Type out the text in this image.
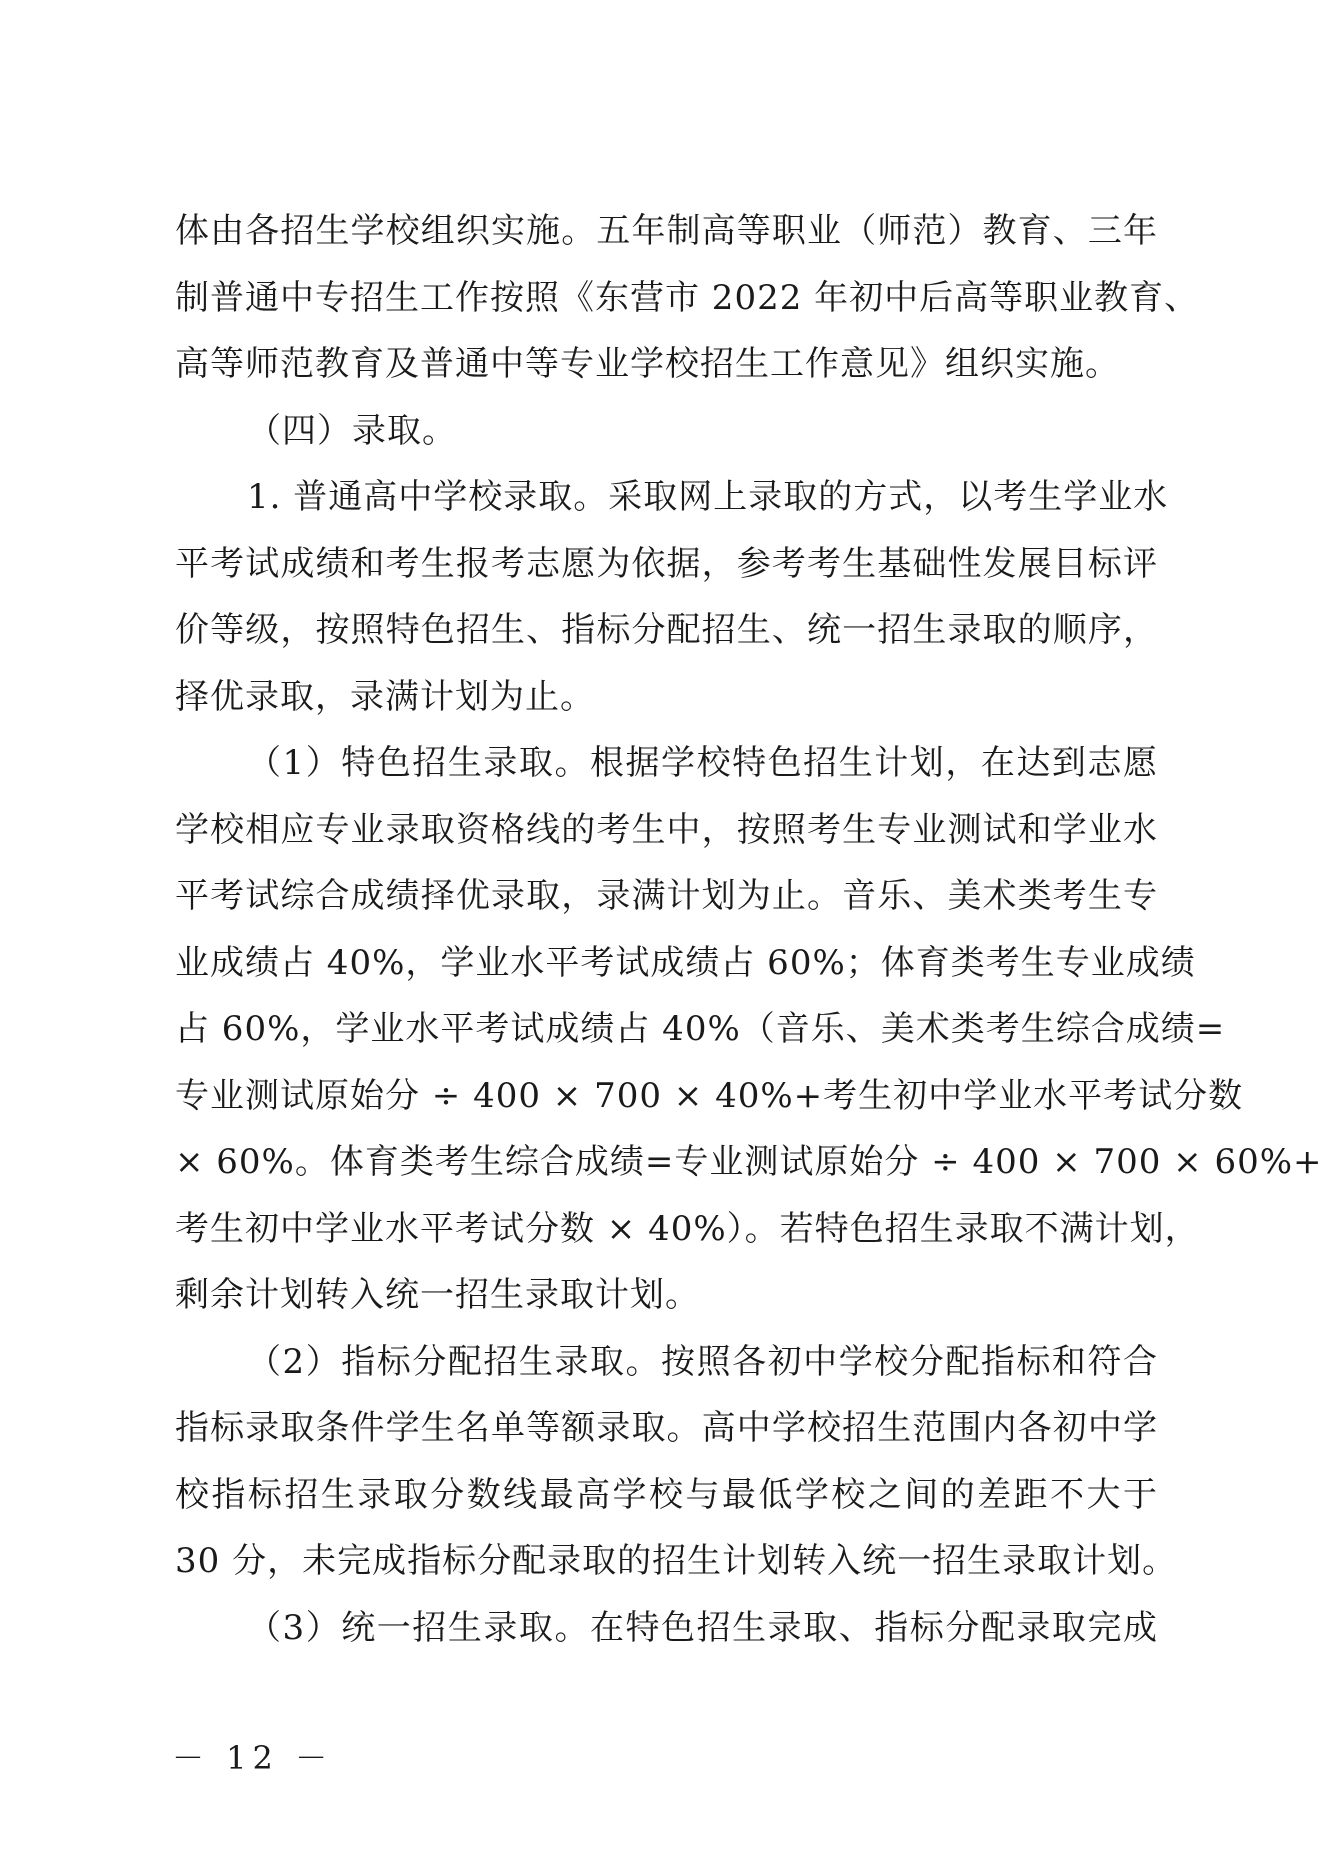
体由各招生学校组织实施。五年制高等职业（师范）教育、三年
制普通中专招生工作按照《东营市 2022 年初中后高等职业教育、
高等师范教育及普通中等专业学校招生工作意见》组织实施。
（四）录取。
1. 普通高中学校录取。采取网上录取的方式，以考生学业水
平考试成绩和考生报考志愿为依据，参考考生基础性发展目标评
价等级，按照特色招生、指标分配招生、统一招生录取的顺序，
择优录取，录满计划为止。
（1）特色招生录取。根据学校特色招生计划，在达到志愿
学校相应专业录取资格线的考生中，按照考生专业测试和学业水
平考试综合成绩择优录取，录满计划为止。音乐、美术类考生专
业成绩占 40%，学业水平考试成绩占 60%；体育类考生专业成绩
占 60%，学业水平考试成绩占 40%（音乐、美术类考生综合成绩=
专业测试原始分 ÷ 400 × 700 × 40%+考生初中学业水平考试分数
× 60%。体育类考生综合成绩=专业测试原始分 ÷ 400 × 700 × 60%+
考生初中学业水平考试分数 × 40%）。若特色招生录取不满计划，
剩余计划转入统一招生录取计划。
（2）指标分配招生录取。按照各初中学校分配指标和符合
指标录取条件学生名单等额录取。高中学校招生范围内各初中学
校指标招生录取分数线最高学校与最低学校之间的差距不大于
30 分，未完成指标分配录取的招生计划转入统一招生录取计划。
（3）统一招生录取。在特色招生录取、指标分配录取完成
－ 12 －
